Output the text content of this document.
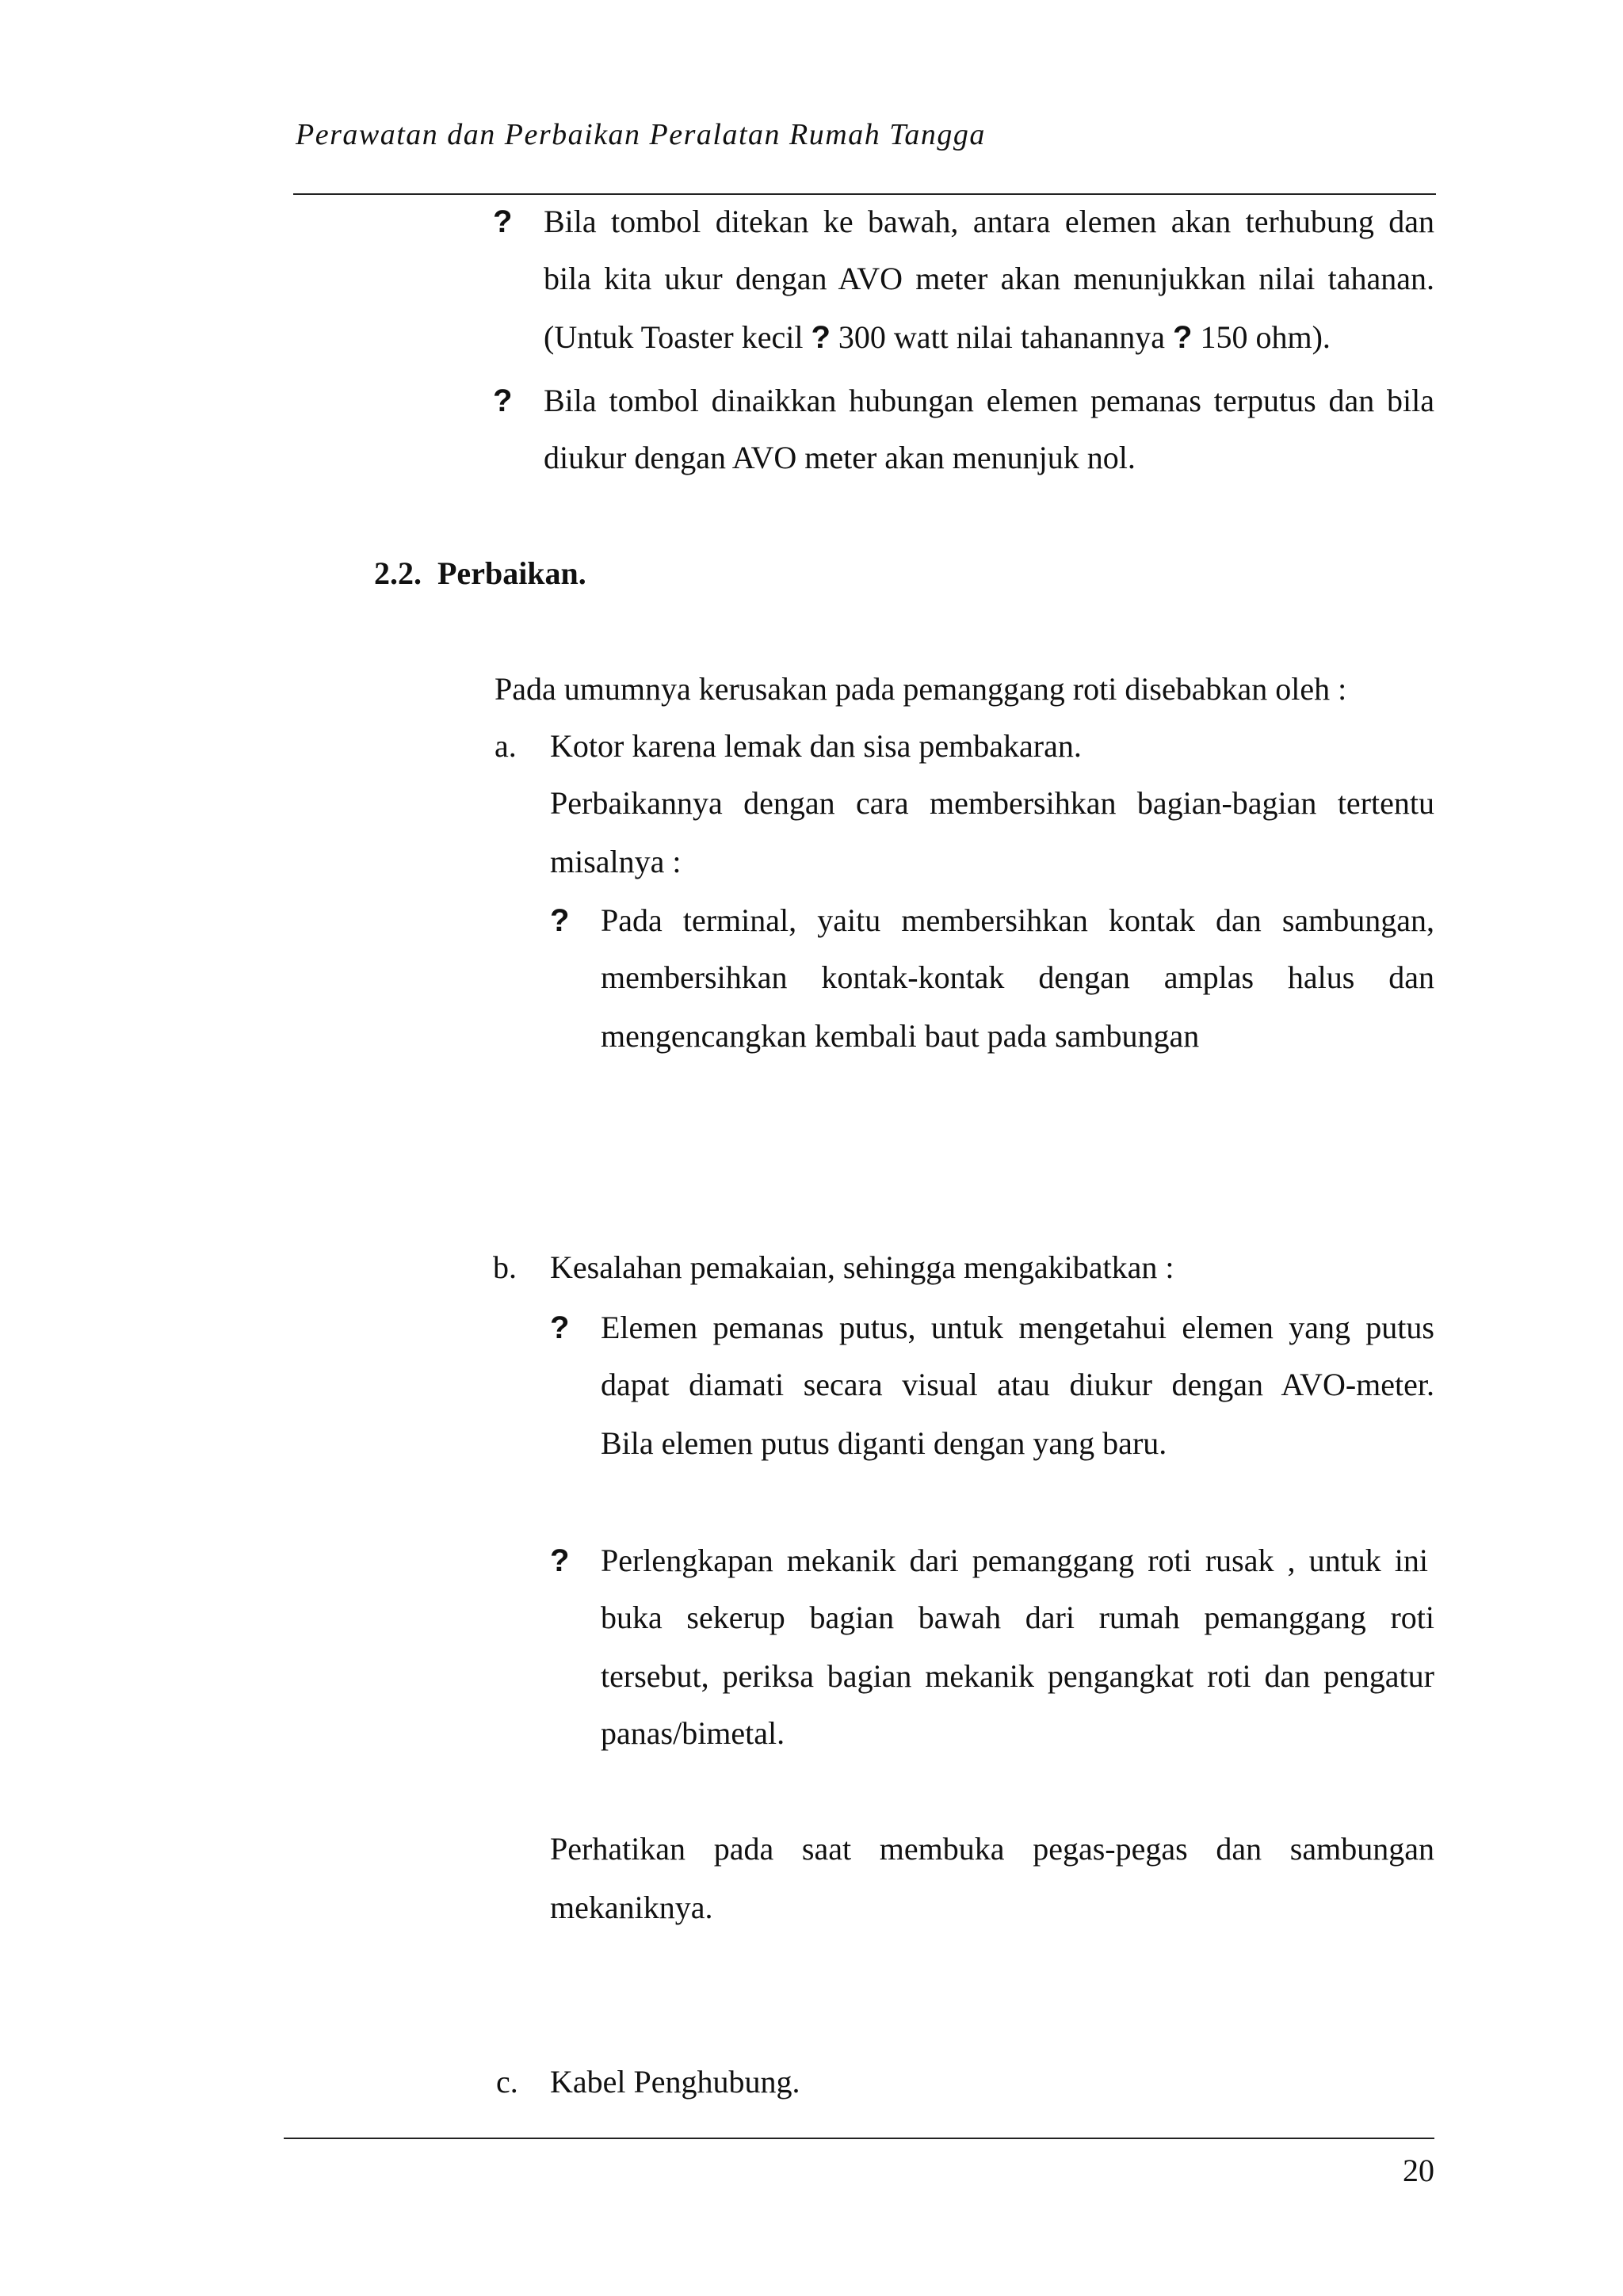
Perawatan dan Perbaikan Peralatan Rumah Tangga
? Bila tombol ditekan ke bawah, antara elemen akan terhubung dan
bila kita ukur dengan AVO meter akan menunjukkan nilai tahanan.
(Untuk Toaster kecil ? 300 watt nilai tahanannya ? 150 ohm).
? Bila tombol dinaikkan hubungan elemen pemanas terputus dan bila
diukur dengan AVO meter akan menunjuk nol.
2.2. Perbaikan.
Pada umumnya kerusakan pada pemanggang roti disebabkan oleh :
a. Kotor karena lemak dan sisa pembakaran.
Perbaikannya dengan cara membersihkan bagian-bagian tertentu
misalnya :
? Pada terminal, yaitu membersihkan kontak dan sambungan,
membersihkan kontak-kontak dengan amplas halus dan
mengencangkan kembali baut pada sambungan
b. Kesalahan pemakaian, sehingga mengakibatkan :
? Elemen pemanas putus, untuk mengetahui elemen yang putus
dapat diamati secara visual atau diukur dengan AVO-meter.
Bila elemen putus diganti dengan yang baru.
? Perlengkapan mekanik dari pemanggang roti rusak , untuk ini
buka sekerup bagian bawah dari rumah pemanggang roti
tersebut, periksa bagian mekanik pengangkat roti dan pengatur
panas/bimetal.
Perhatikan pada saat membuka pegas-pegas dan sambungan
mekaniknya.
c. Kabel Penghubung.
20
